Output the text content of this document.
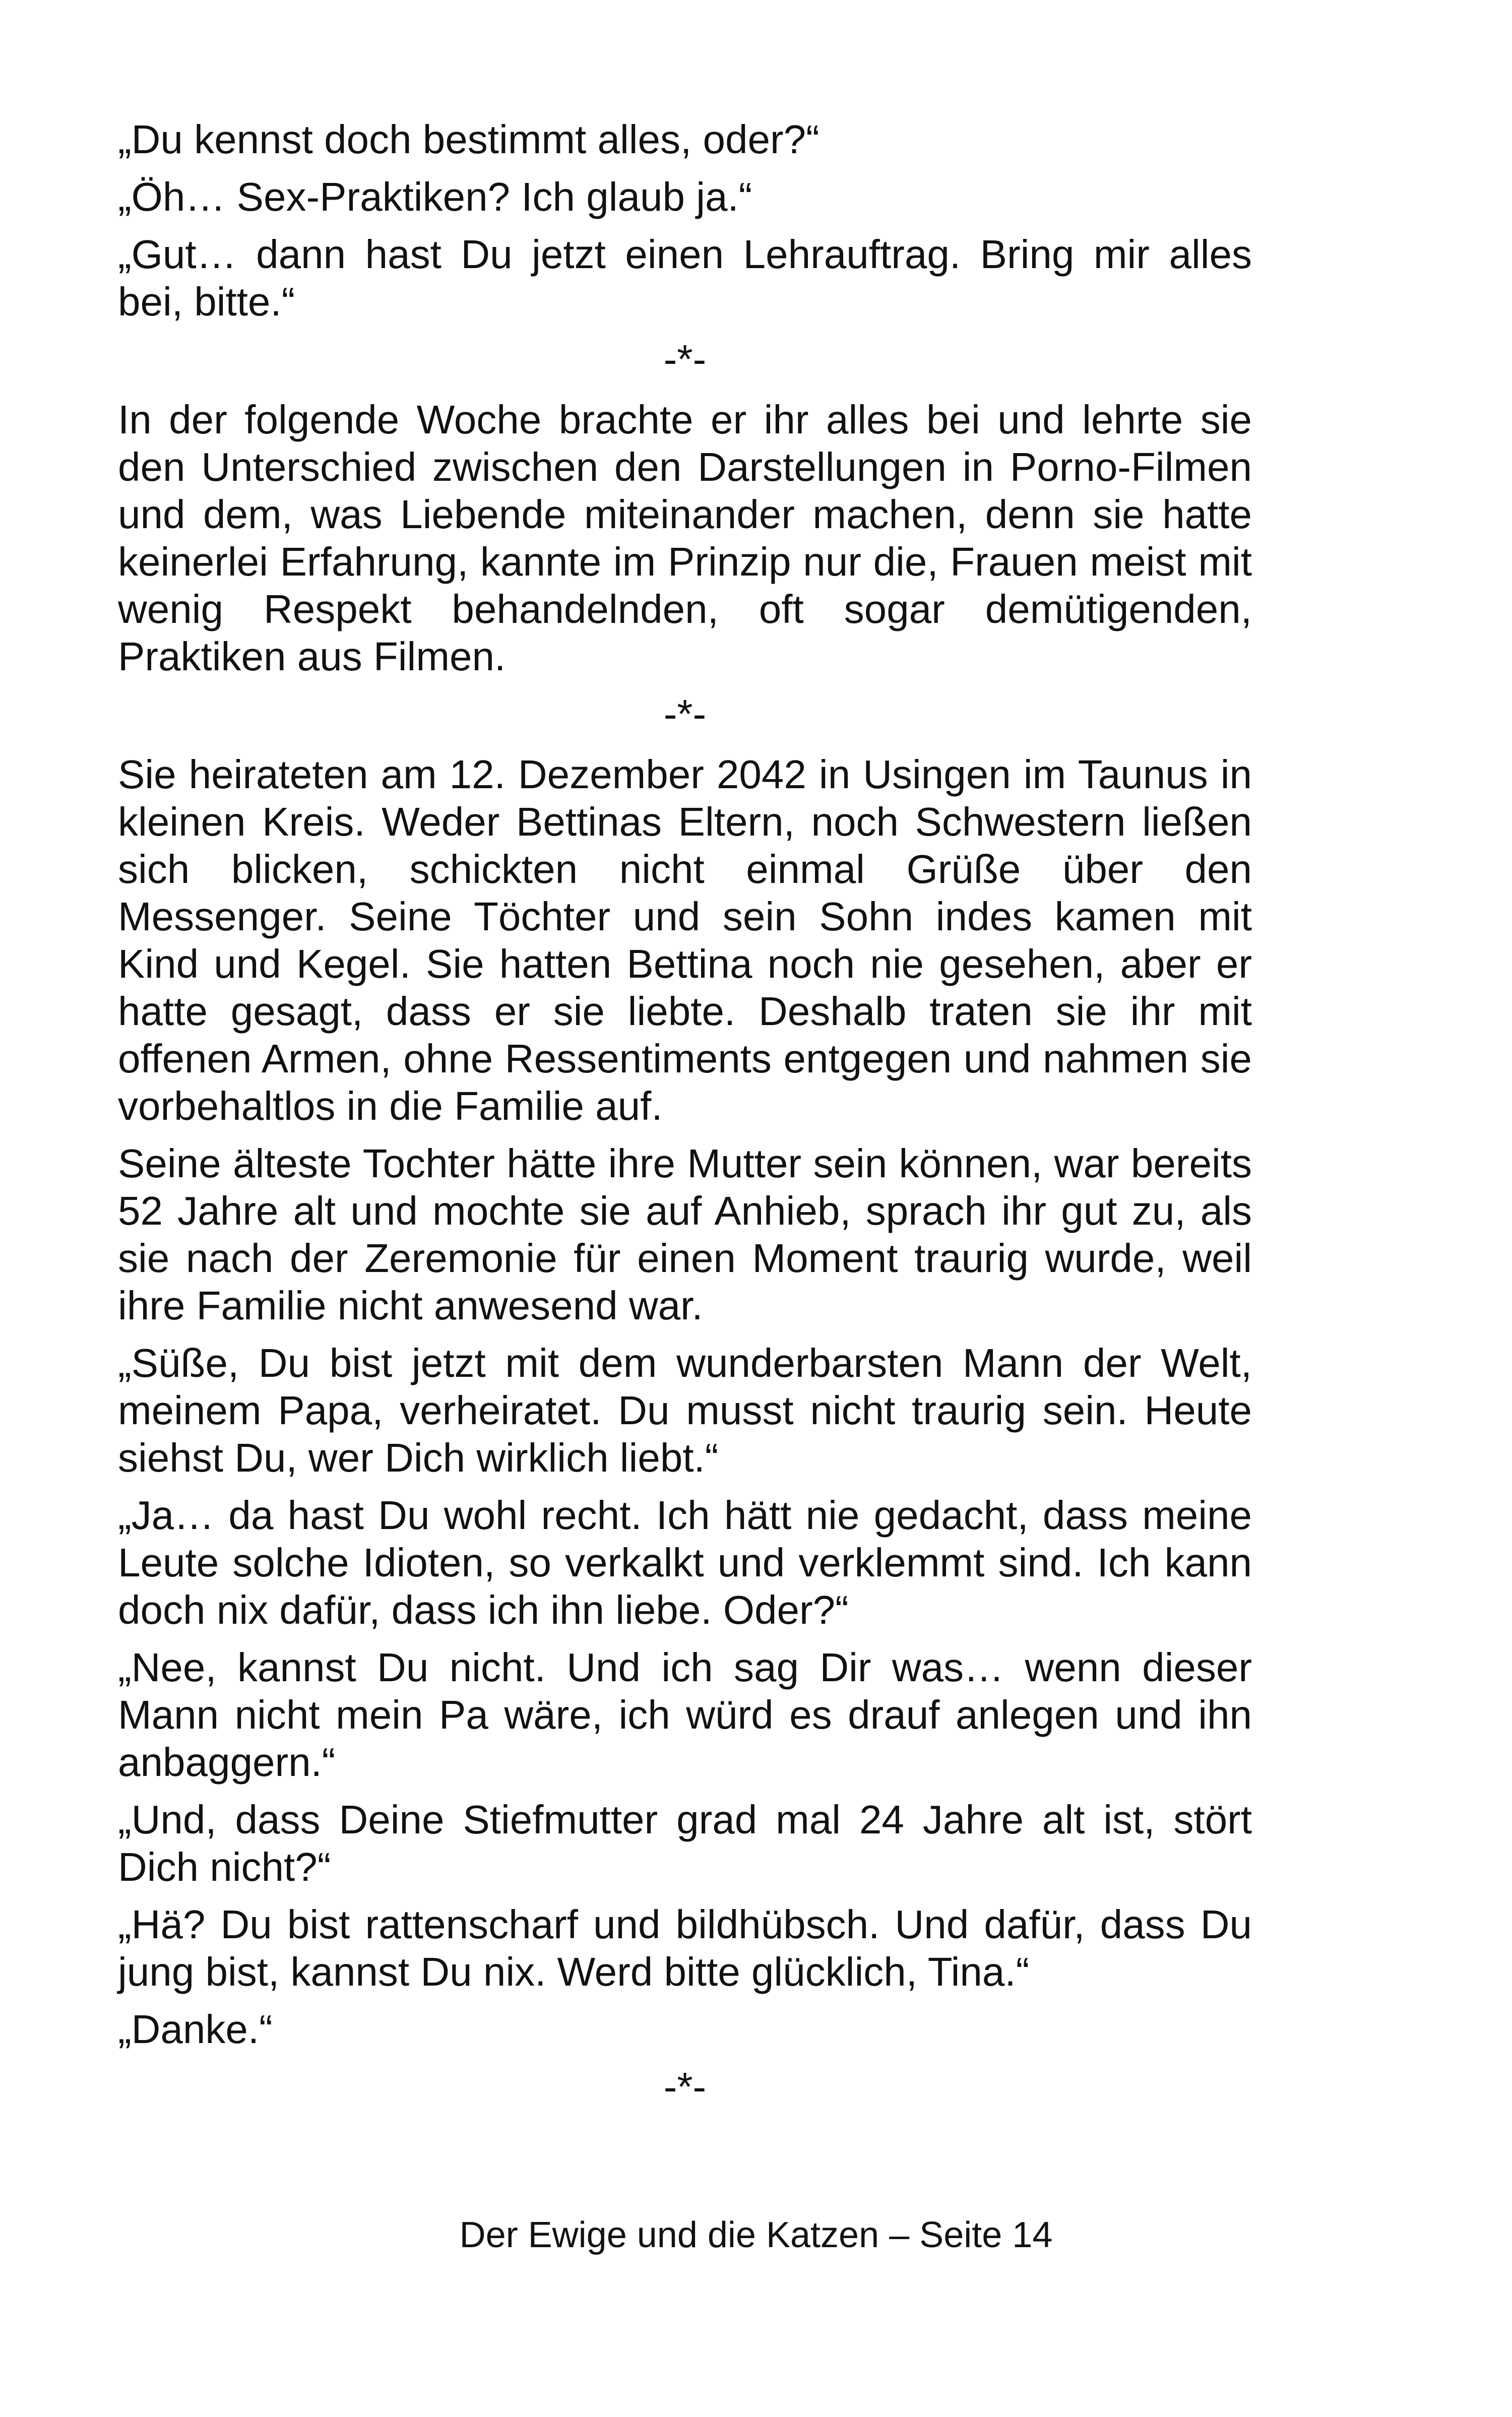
„Du kennst doch bestimmt alles, oder?“

„Öh… Sex-Praktiken? Ich glaub ja.“

„Gut… dann hast Du jetzt einen Lehrauftrag. Bring mir alles bei, bitte.“

-*-

In der folgende Woche brachte er ihr alles bei und lehrte sie den Unterschied zwischen den Darstellungen in Porno-Filmen und dem, was Liebende miteinander machen, denn sie hatte keinerlei Erfahrung, kannte im Prinzip nur die, Frauen meist mit wenig Respekt behandelnden, oft sogar demütigenden, Praktiken aus Filmen.

-*-

Sie heirateten am 12. Dezember 2042 in Usingen im Taunus in kleinen Kreis. Weder Bettinas Eltern, noch Schwestern ließen sich blicken, schickten nicht einmal Grüße über den Messenger. Seine Töchter und sein Sohn indes kamen mit Kind und Kegel. Sie hatten Bettina noch nie gesehen, aber er hatte gesagt, dass er sie liebte. Deshalb traten sie ihr mit offenen Armen, ohne Ressentiments entgegen und nahmen sie vorbehaltlos in die Familie auf.

Seine älteste Tochter hätte ihre Mutter sein können, war bereits 52 Jahre alt und mochte sie auf Anhieb, sprach ihr gut zu, als sie nach der Zeremonie für einen Moment traurig wurde, weil ihre Familie nicht anwesend war.

„Süße, Du bist jetzt mit dem wunderbarsten Mann der Welt, meinem Papa, verheiratet. Du musst nicht traurig sein. Heute siehst Du, wer Dich wirklich liebt.“

„Ja… da hast Du wohl recht. Ich hätt nie gedacht, dass meine Leute solche Idioten, so verkalkt und verklemmt sind. Ich kann doch nix dafür, dass ich ihn liebe. Oder?“

„Nee, kannst Du nicht. Und ich sag Dir was… wenn dieser Mann nicht mein Pa wäre, ich würd es drauf anlegen und ihn anbaggern.“

„Und, dass Deine Stiefmutter grad mal 24 Jahre alt ist, stört Dich nicht?“

„Hä? Du bist rattenscharf und bildhübsch. Und dafür, dass Du jung bist, kannst Du nix. Werd bitte glücklich, Tina.“

„Danke.“

-*-
Der Ewige und die Katzen – Seite 14
